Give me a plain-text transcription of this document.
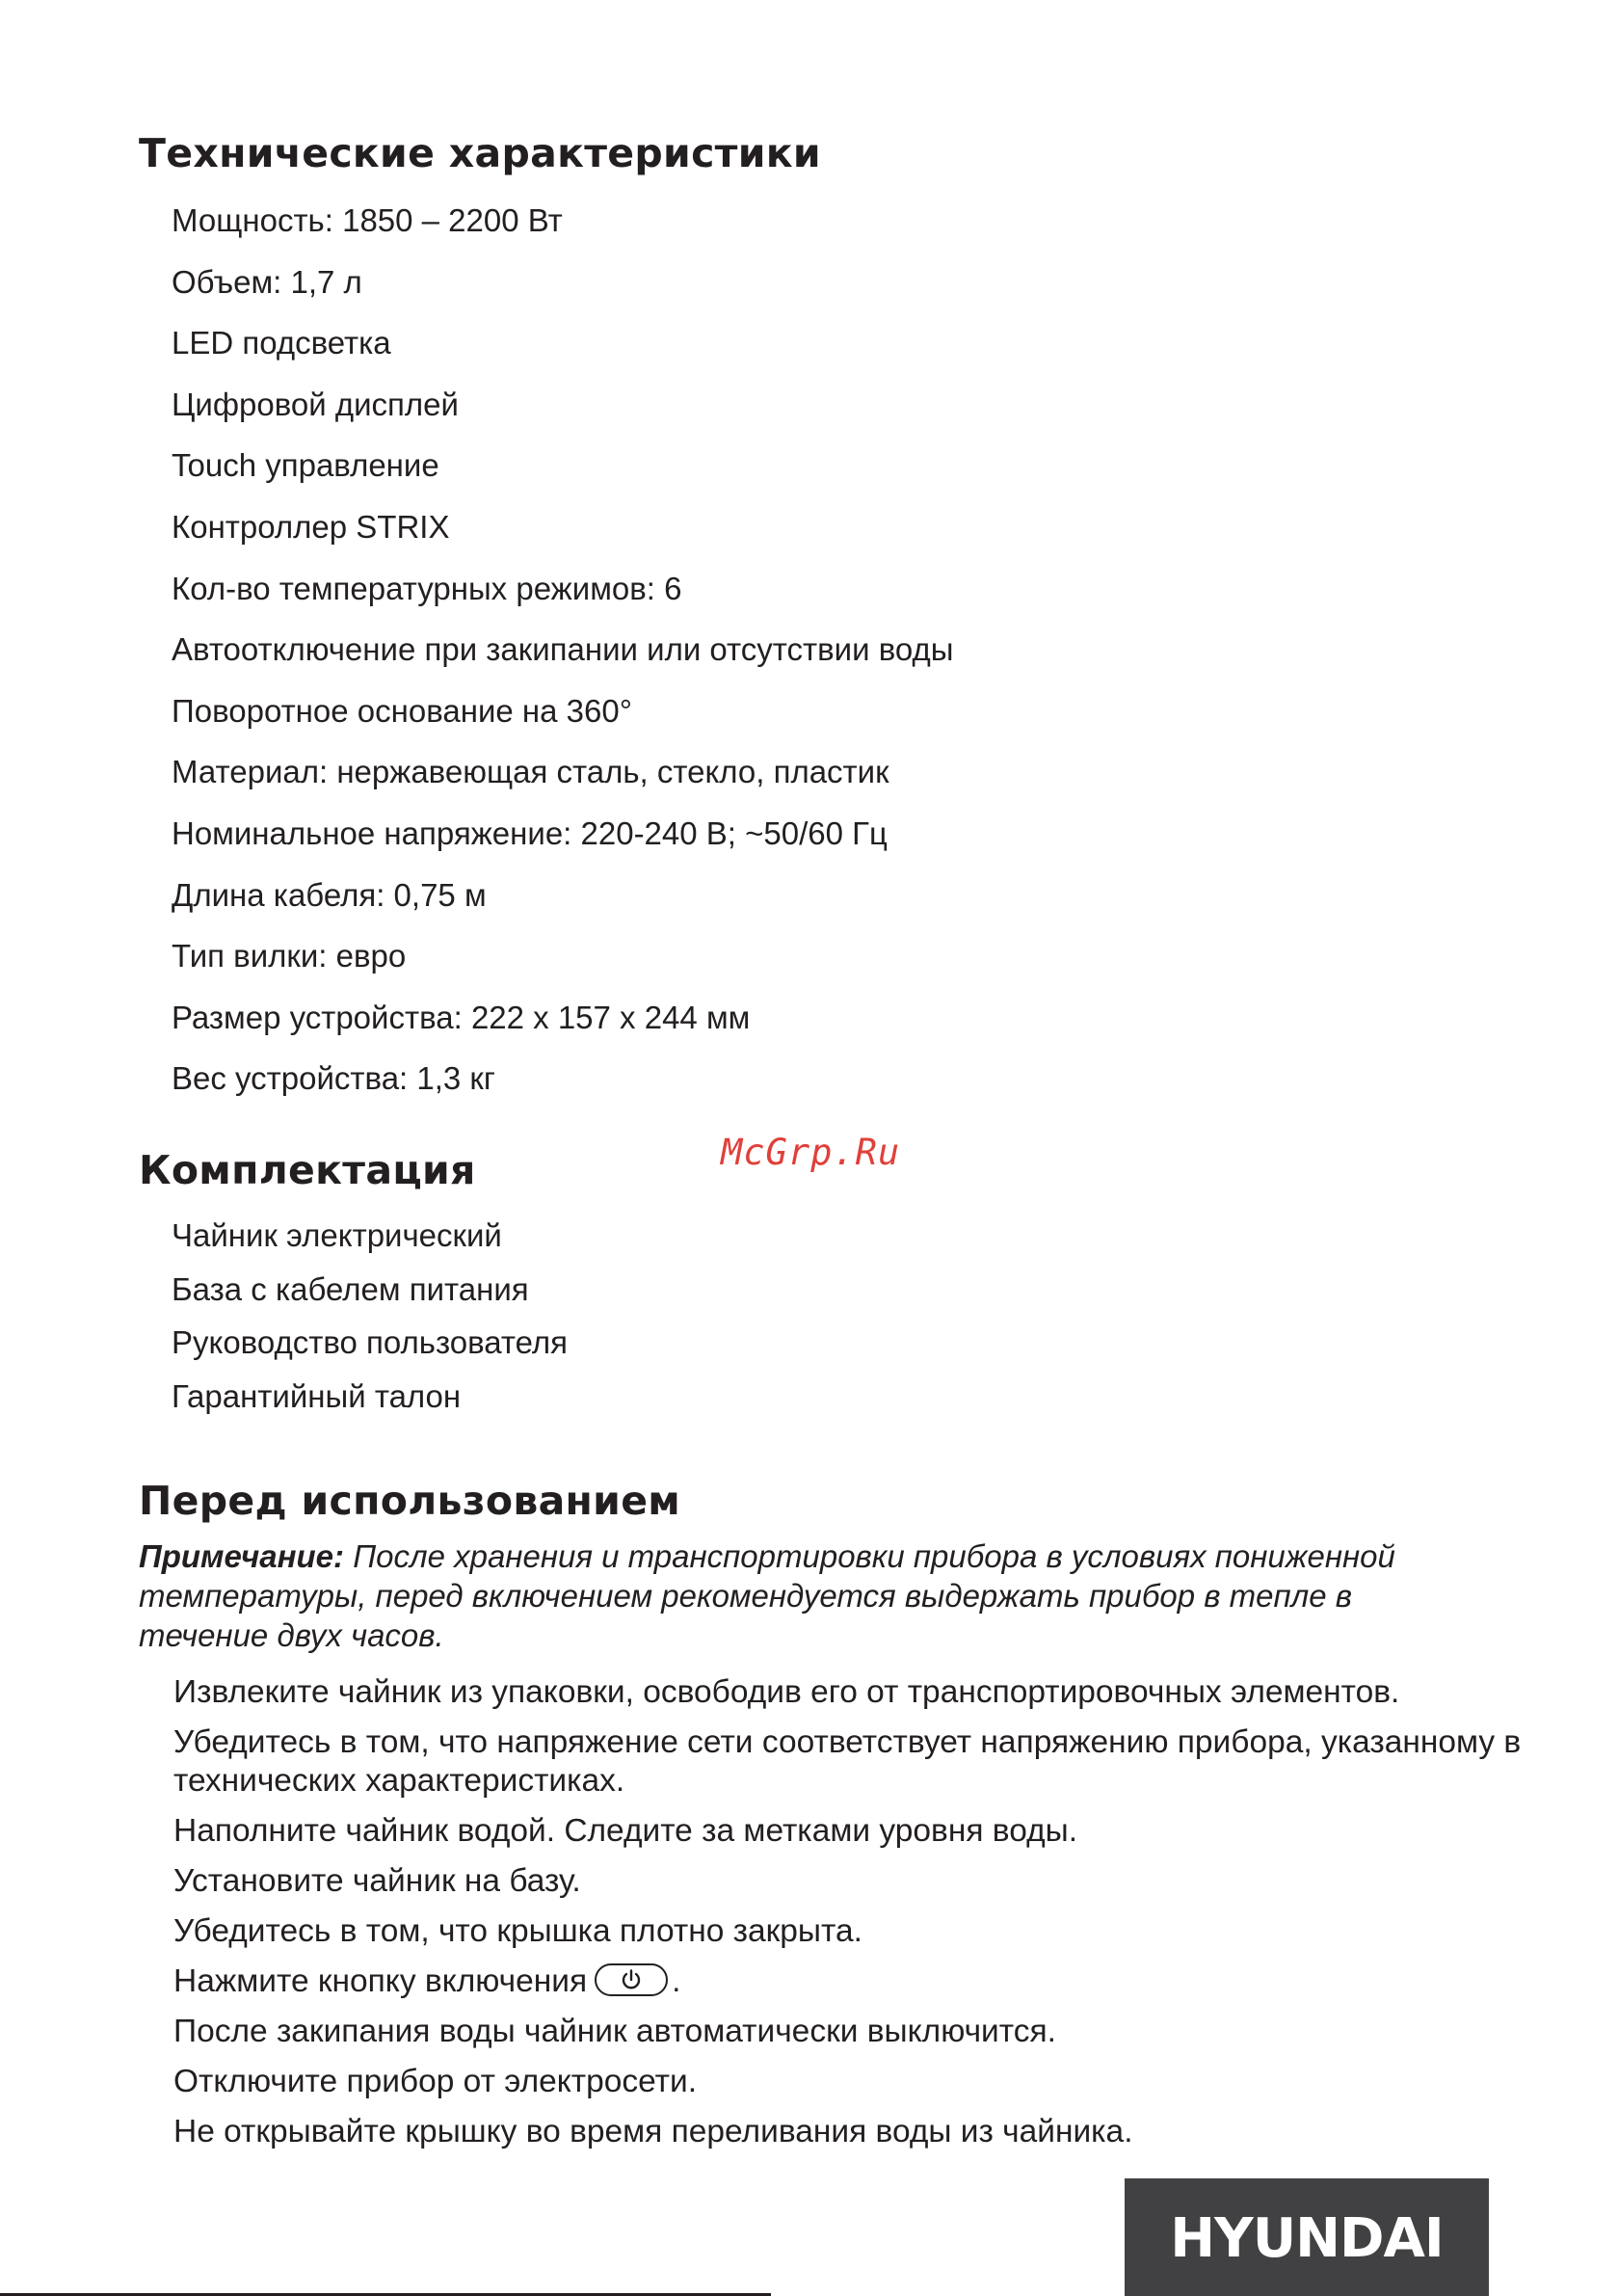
Технические характеристики
Мощность: 1850 – 2200 Вт
Объем: 1,7 л
LED подсветка
Цифровой дисплей
Touch управление
Контроллер STRIX
Кол-во температурных режимов: 6
Автоотключение при закипании или отсутствии воды
Поворотное основание на 360°
Материал: нержавеющая сталь, стекло, пластик
Номинальное напряжение: 220-240 В; ~50/60 Гц
Длина кабеля: 0,75 м
Тип вилки: евро
Размер устройства: 222 x 157 x 244 мм
Вес устройства: 1,3 кг
McGrp.Ru
Комплектация
Чайник электрический
База с кабелем питания
Руководство пользователя
Гарантийный талон
Перед использованием

Примечание: После хранения и транспортировки прибора в условиях пониженной температуры, перед включением рекомендуется выдержать прибор в тепле в течение двух часов.

Извлеките чайник из упаковки, освободив его от транспортировочных элементов.
Убедитесь в том, что напряжение сети соответствует напряжению прибора, указанному в технических характеристиках.
Наполните чайник водой. Следите за метками уровня воды.
Установите чайник на базу.
Убедитесь в том, что крышка плотно закрыта.
Нажмите кнопку включения	.
После закипания воды чайник автоматически выключится.
Отключите прибор от электросети.
Не открывайте крышку во время переливания воды из чайника.
HYUNDAI
